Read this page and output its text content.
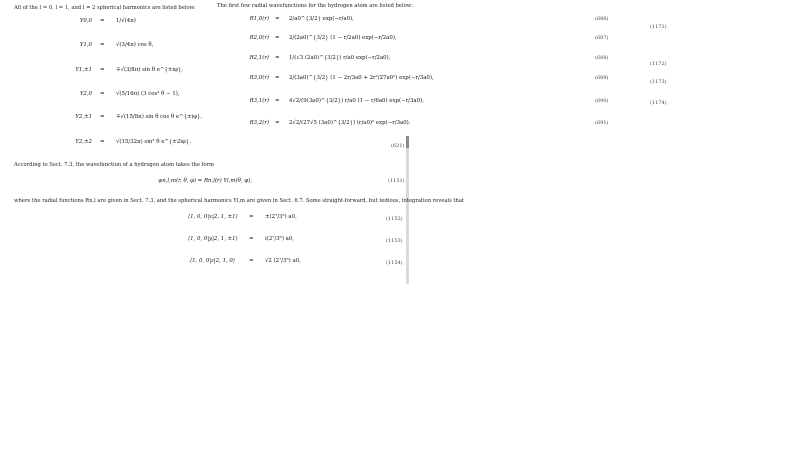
All of the l = 0, l = 1, and l = 2 spherical harmonics are listed below:	The first few radial wavefunctions for the hydrogen atom are listed below:
Y0,0 = 1/√(4π)
Y1,0 = √(3/4π) cos θ,
Y1,±1 = ∓√(3/8π) sin θ e^{±iφ},
Y2,0 = √(5/16π) (3 cos² θ − 1),
Y2,±1 = ∓√(15/8π) sin θ cos θ e^{±iφ},
Y2,±2 = √(15/32π) sin² θ e^{±2iφ}.
R1,0(r) = 2/a0^{3/2} exp(−r/a0),	(686)
(1171)
R2,0(r) = 2/(2a0)^{3/2} (1 − r/2a0) exp(−r/2a0),	(687)
R2,1(r) = 1/(√3 (2a0)^{3/2}) r/a0 exp(−r/2a0),	(688)
(1172)
R3,0(r) = 2/(3a0)^{3/2} (1 − 2r/3a0 + 2r²/27a0²) exp(−r/3a0),	(689)
(1173)
R3,1(r) = 4√2/(9(3a0)^{3/2}) r/a0 (1 − r/6a0) exp(−r/3a0),	(690)	(1174)
R3,2(r) = 2√2/(27√5 (3a0)^{3/2}) (r/a0)² exp(−r/3a0).	(691)
(621)
According to Sect. 7.3, the wavefunction of a hydrogen atom takes the form
ψn,l,m(r, θ, φ) = Rn,l(r) Yl,m(θ, φ),	(1151)
where the radial functions Rn,l are given in Sect. 7.3, and the spherical harmonics Yl,m are given in Sect. 6.7. Some straight-forward, but tedious, integration reveals that
⟨1, 0, 0|x|2, 1, ±1⟩ = ±(2⁷/3⁵) a0,	(1152)
⟨1, 0, 0|y|2, 1, ±1⟩ = i(2⁷/3⁵) a0,	(1153)
⟨1, 0, 0|z|2, 1, 0⟩	= √2 (2⁷/3⁵) a0,	(1154)
